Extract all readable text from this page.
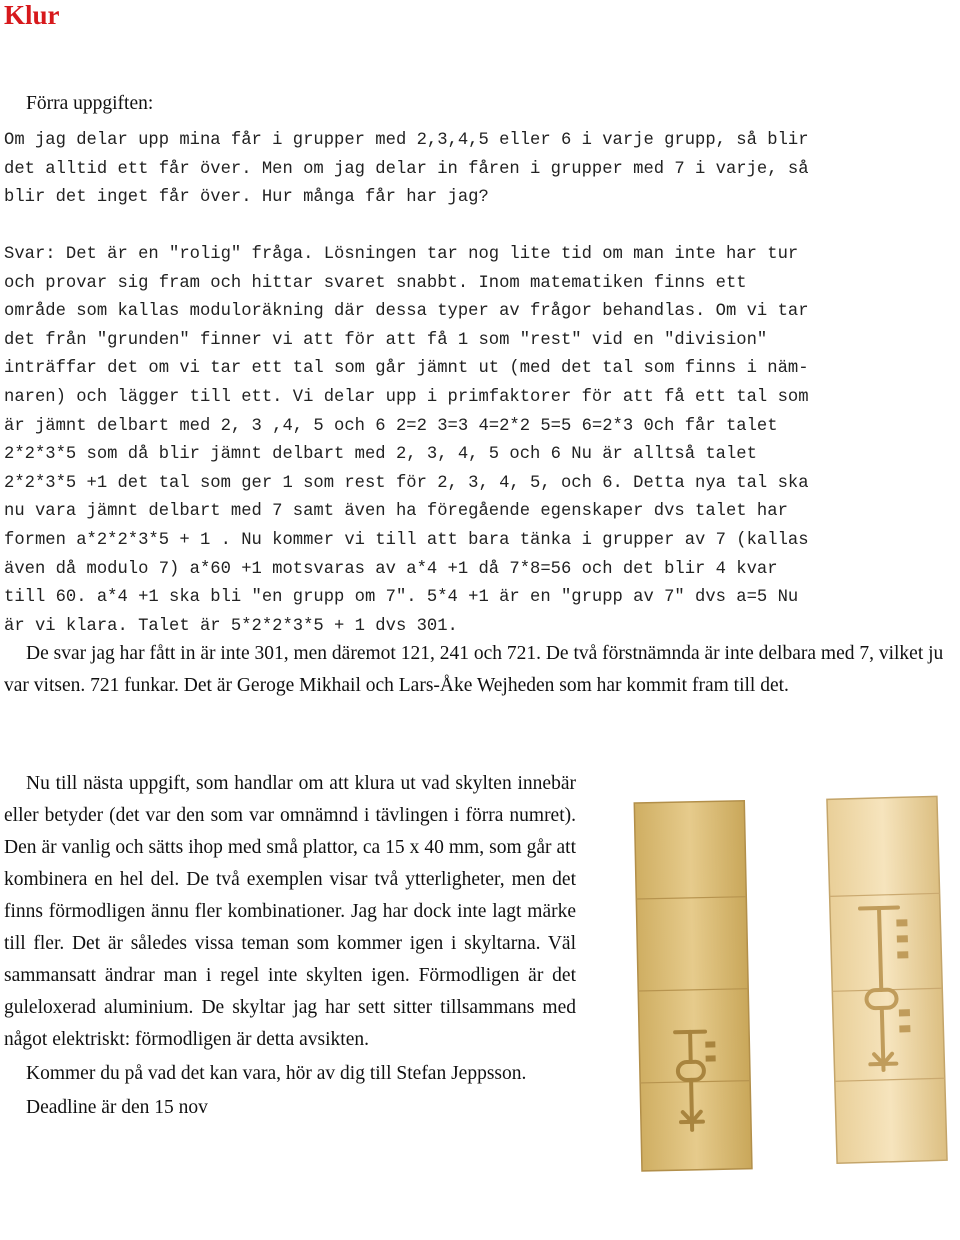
Klur
Förra uppgiften:
Om jag delar upp mina får i grupper med 2,3,4,5 eller 6 i varje grupp, så blir
det alltid ett får över. Men om jag delar in fåren i grupper med 7 i varje, så
blir det inget får över. Hur många får har jag?
Svar: Det är en "rolig" fråga. Lösningen tar nog lite tid om man inte har tur
och provar sig fram och hittar svaret snabbt. Inom matematiken finns ett
område som kallas moduloräkning där dessa typer av frågor behandlas. Om vi tar
det från "grunden" finner vi att för att få 1 som "rest" vid en "division"
inträffar det om vi tar ett tal som går jämnt ut (med det tal som finns i näm-
naren) och lägger till ett. Vi delar upp i primfaktorer för att få ett tal som
är jämnt delbart med 2, 3 ,4, 5 och 6 2=2 3=3 4=2*2 5=5 6=2*3 0ch får talet
2*2*3*5 som då blir jämnt delbart med 2, 3, 4, 5 och 6 Nu är alltså talet
2*2*3*5 +1 det tal som ger 1 som rest för 2, 3, 4, 5, och 6. Detta nya tal ska
nu vara jämnt delbart med 7 samt även ha föregående egenskaper dvs talet har
formen a*2*2*3*5 + 1 . Nu kommer vi till att bara tänka i grupper av 7 (kallas
även då modulo 7) a*60 +1 motsvaras av a*4 +1 då 7*8=56 och det blir 4 kvar
till 60. a*4 +1 ska bli "en grupp om 7". 5*4 +1 är en "grupp av 7" dvs a=5 Nu
är vi klara. Talet är 5*2*2*3*5 + 1 dvs 301.

De svar jag har fått in är inte 301, men däremot 121, 241 och 721. De två förstnämnda är inte delbara med 7, vilket ju var vitsen. 721 funkar. Det är Geroge Mikhail och Lars-Åke Wejheden som har kommit fram till det.

Nu till nästa uppgift, som handlar om att klura ut vad skylten innebär eller betyder (det var den som var omnämnd i tävlingen i förra numret). Den är vanlig och sätts ihop med små plattor, ca 15 x 40 mm, som går att kombinera en hel del. De två exemplen visar två ytterligheter, men det finns förmodligen ännu fler kombinationer. Jag har dock inte lagt märke till fler. Det är således vissa teman som kommer igen i skyltarna. Väl sammansatt ändrar man i regel inte skylten igen. Förmodligen är det guleloxerad aluminium. De skyltar jag har sett sitter tillsammans med något elektriskt: förmodligen är detta avsikten.

Kommer du på vad det kan vara, hör av dig till Stefan Jeppsson.

Deadline är den 15 nov
